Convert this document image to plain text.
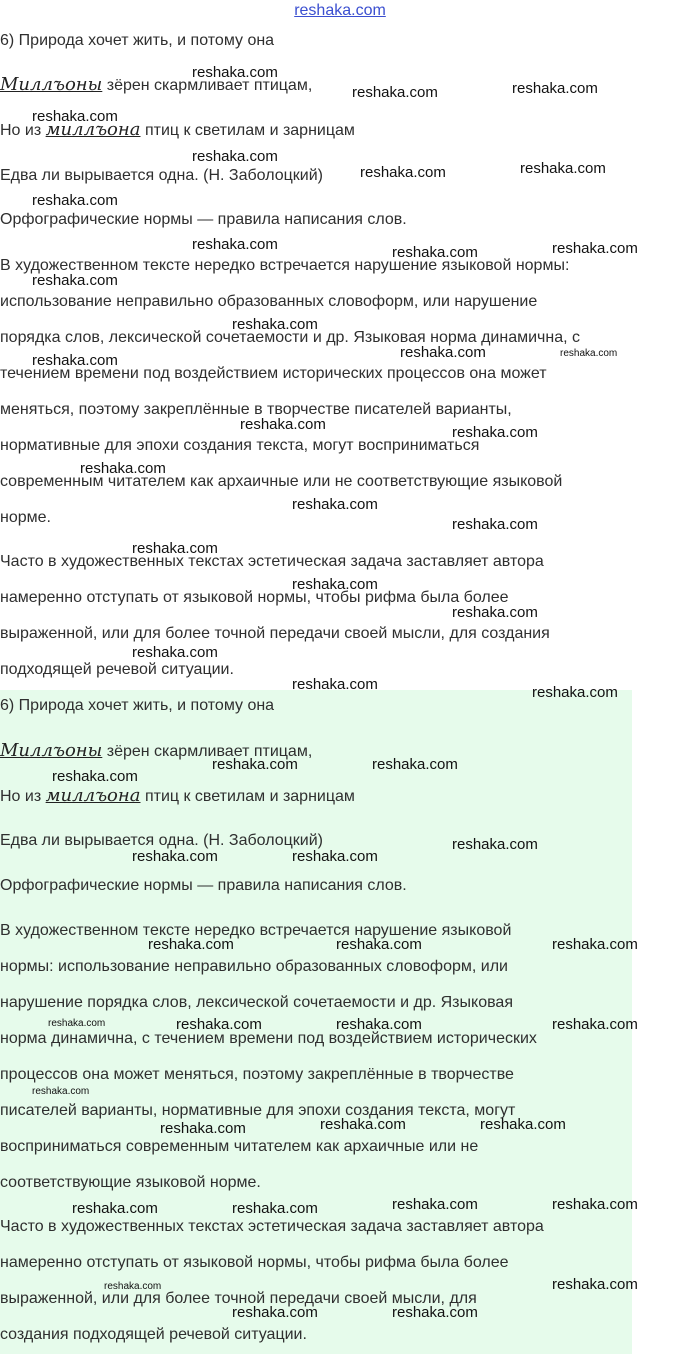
reshaka.com
6) Природа хочет жить, и потому она
Миллъоны зёрен скармливает птицам,
Но из миллъона птиц к светилам и зарницам
Едва ли вырывается одна. (Н. Заболоцкий)
Орфографические нормы — правила написания слов.
В художественном тексте нередко встречается нарушение языковой нормы:
использование неправильно образованных словоформ, или нарушение
порядка слов, лексической сочетаемости и др. Языковая норма динамична, с
течением времени под воздействием исторических процессов она может
меняться, поэтому закреплённые в творчестве писателей варианты,
нормативные для эпохи создания текста, могут восприниматься
современным читателем как архаичные или не соответствующие языковой
норме.
Часто в художественных текстах эстетическая задача заставляет автора
намеренно отступать от языковой нормы, чтобы рифма была более
выраженной, или для более точной передачи своей мысли, для создания
подходящей речевой ситуации.
6) Природа хочет жить, и потому она
Миллъоны зёрен скармливает птицам,
Но из миллъона птиц к светилам и зарницам
Едва ли вырывается одна. (Н. Заболоцкий)
Орфографические нормы — правила написания слов.
В художественном тексте нередко встречается нарушение языковой
нормы: использование неправильно образованных словоформ, или
нарушение порядка слов, лексической сочетаемости и др. Языковая
норма динамична, с течением времени под воздействием исторических
процессов она может меняться, поэтому закреплённые в творчестве
писателей варианты, нормативные для эпохи создания текста, могут
восприниматься современным читателем как архаичные или не
соответствующие языковой норме.
Часто в художественных текстах эстетическая задача заставляет автора
намеренно отступать от языковой нормы, чтобы рифма была более
выраженной, или для более точной передачи своей мысли, для
создания подходящей речевой ситуации.
reshaka.com
reshaka.com	reshaka.com
reshaka.com
reshaka.com
reshaka.com	reshaka.com
reshaka.com
reshaka.com	reshaka.com	reshaka.com
reshaka.com
reshaka.com
reshaka.com	reshaka.com
reshaka.com
reshaka.com	reshaka.com
reshaka.com
reshaka.com
reshaka.com
reshaka.com
reshaka.com
reshaka.com
reshaka.com
reshaka.com	reshaka.com
reshaka.com	reshaka.com
reshaka.com
reshaka.com
reshaka.com	reshaka.com
reshaka.com	reshaka.com	reshaka.com
reshaka.com	reshaka.com	reshaka.com	reshaka.com
reshaka.com
reshaka.com	reshaka.com	reshaka.com
reshaka.com	reshaka.com	reshaka.com	reshaka.com
reshaka.com	reshaka.com
reshaka.com	reshaka.com
